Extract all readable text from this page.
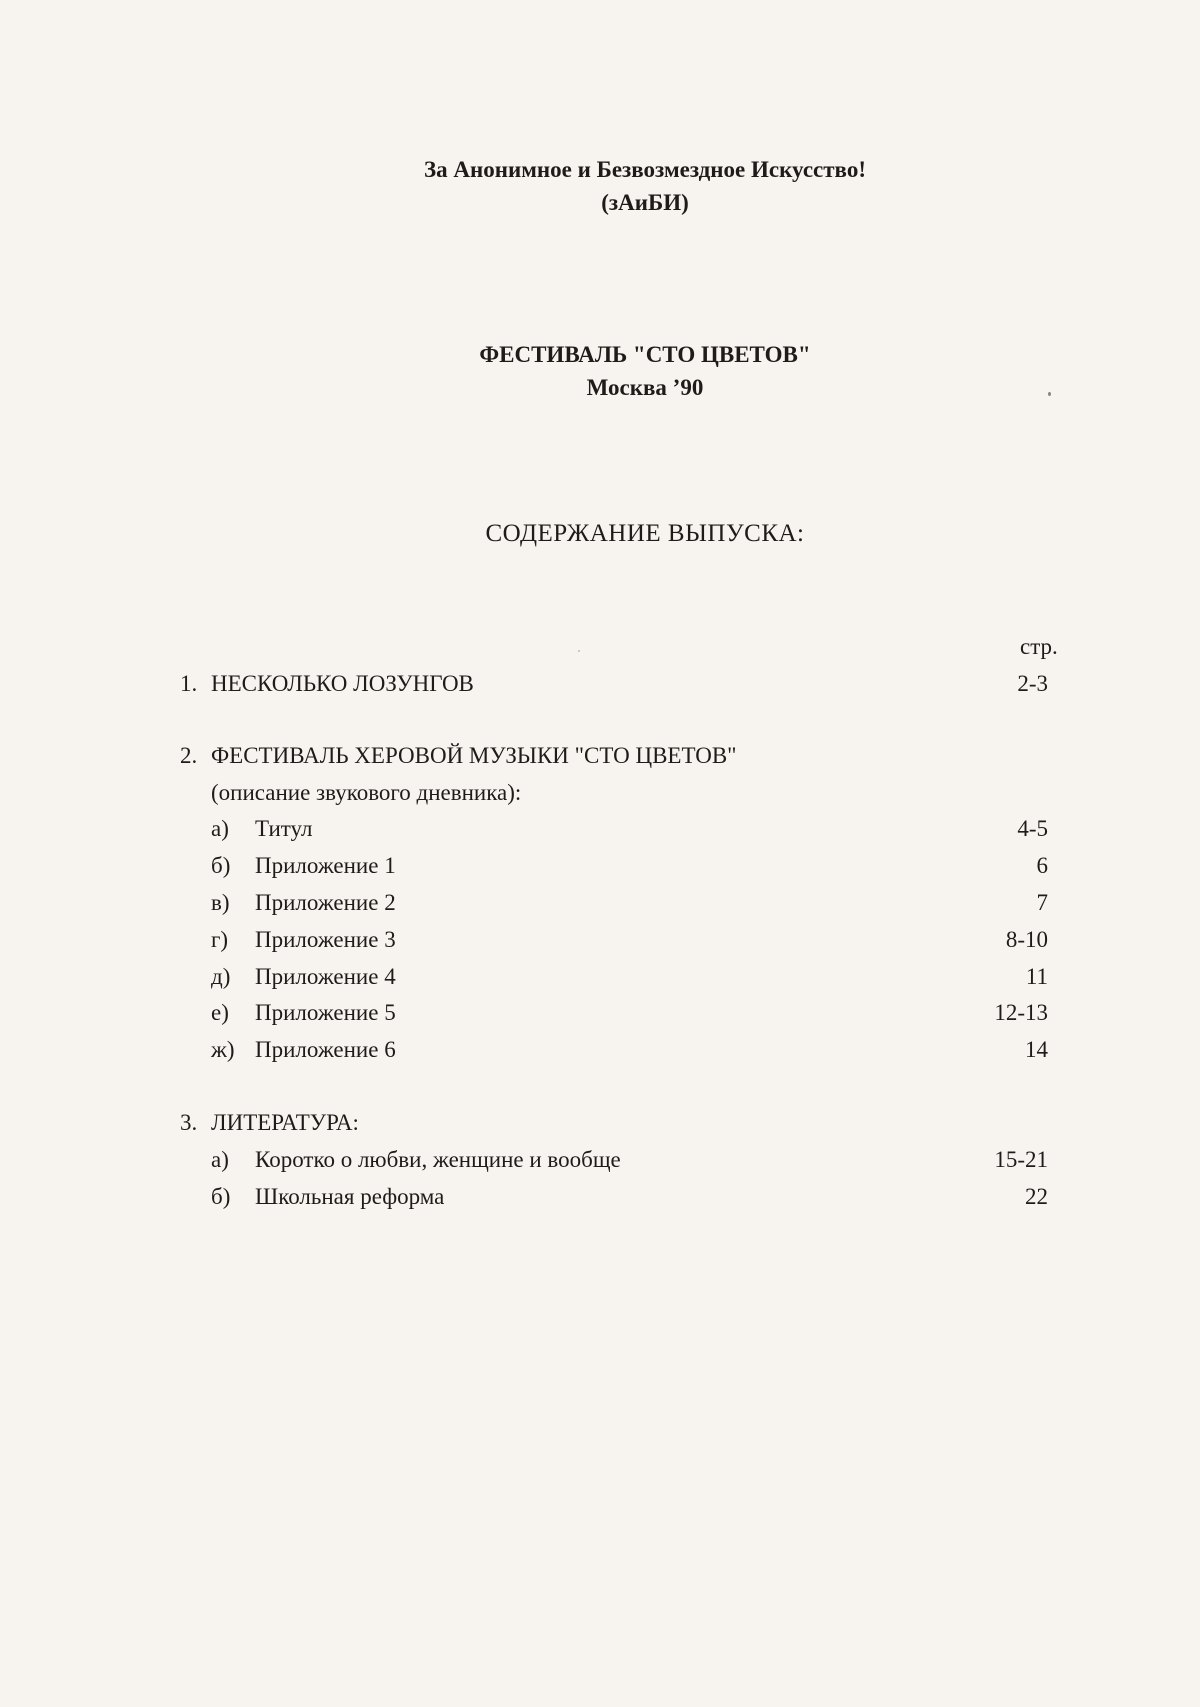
За Анонимное и Безвозмездное Искусство!
(зАиБИ)
ФЕСТИВАЛЬ "СТО ЦВЕТОВ"
Москва ’90
СОДЕРЖАНИЕ ВЫПУСКА:
стр.
1. НЕСКОЛЬКО ЛОЗУНГОВ	2-3
2. ФЕСТИВАЛЬ ХЕРОВОЙ МУЗЫКИ "СТО ЦВЕТОВ"
(описание звукового дневника):
а) Титул	4-5
б) Приложение 1	6
в) Приложение 2	7
г) Приложение 3	8-10
д) Приложение 4	11
е) Приложение 5	12-13
ж) Приложение 6	14
3. ЛИТЕРАТУРА:
а) Коротко о любви, женщине и вообще	15-21
б) Школьная реформа	22
